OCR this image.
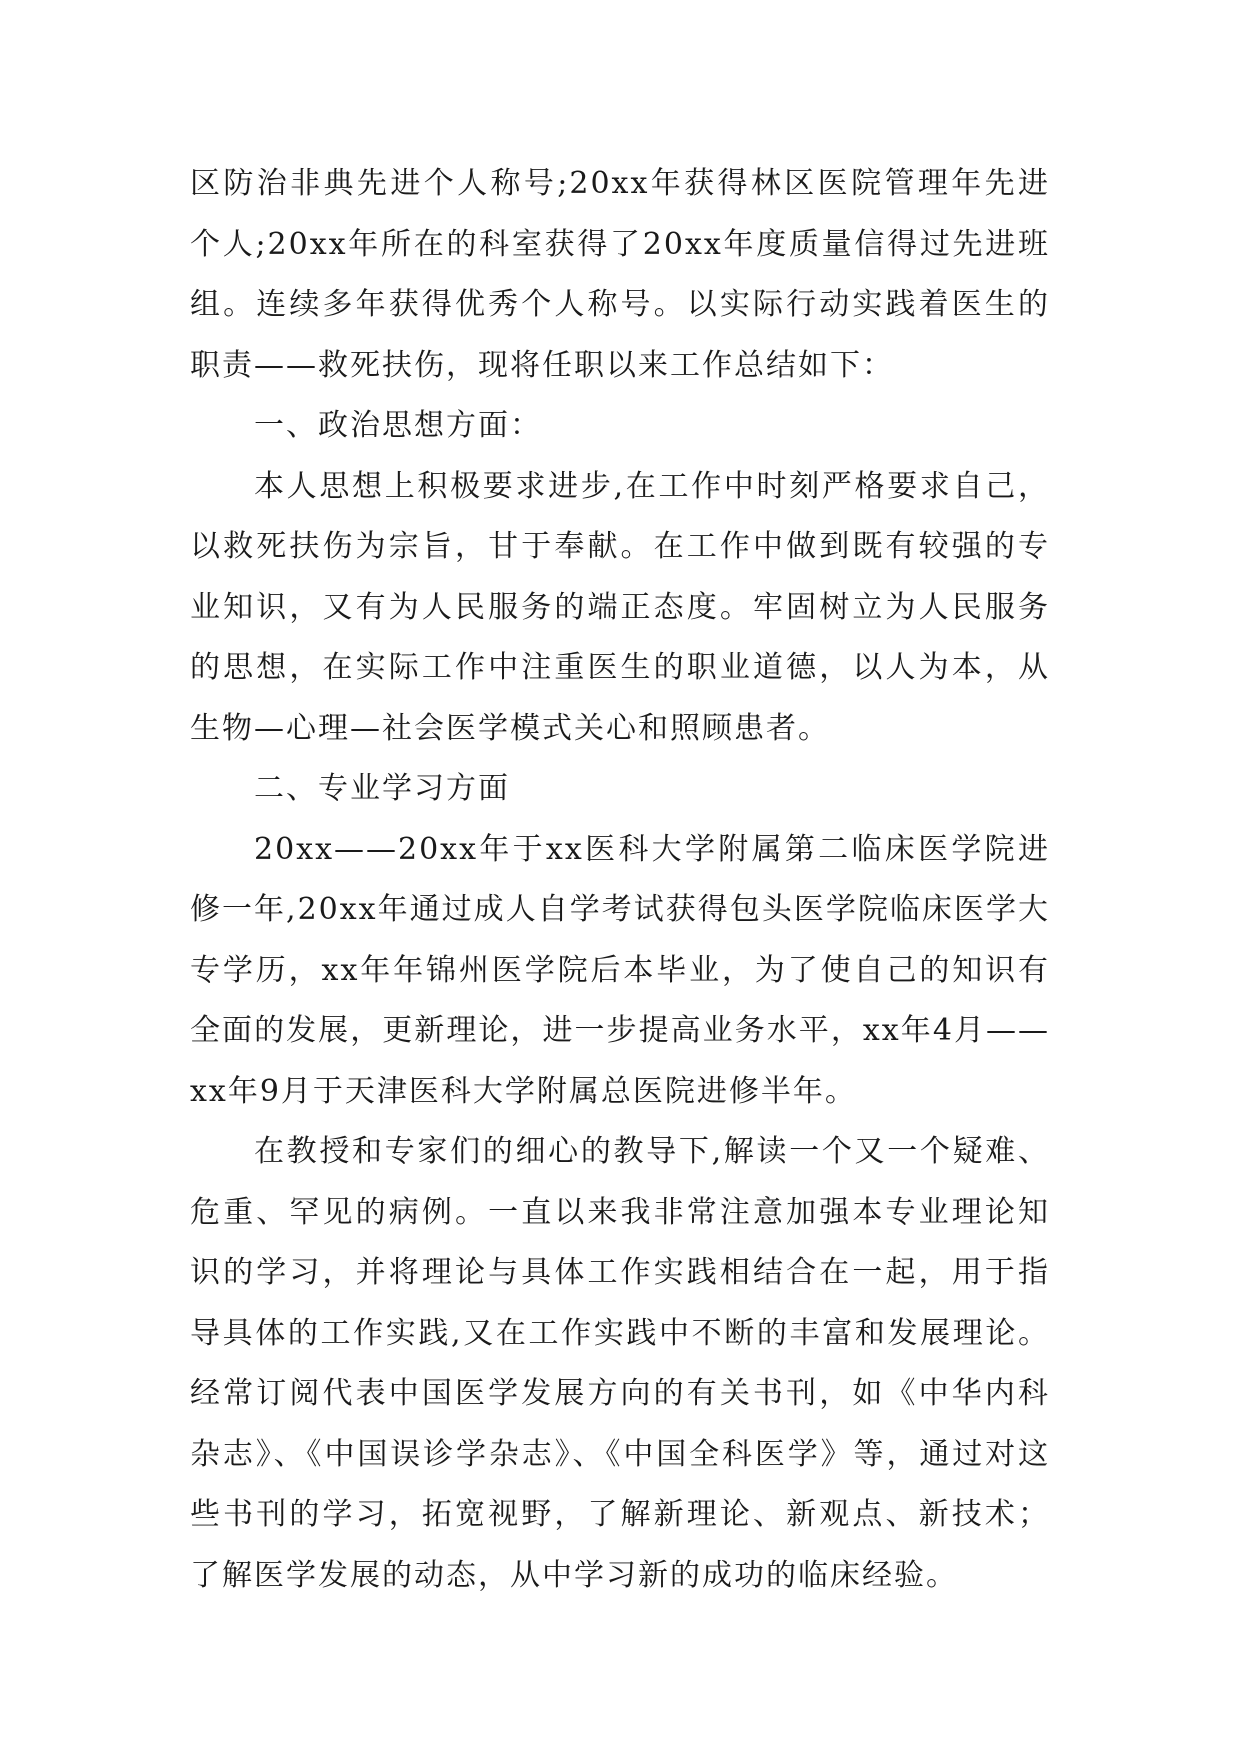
区防治非典先进个人称号;20xx年获得林区医院管理年先进个人;20xx年所在的科室获得了20xx年度质量信得过先进班组。连续多年获得优秀个人称号。以实际行动实践着医生的职责——救死扶伤，现将任职以来工作总结如下：

一、政治思想方面：

本人思想上积极要求进步,在工作中时刻严格要求自己，以救死扶伤为宗旨，甘于奉献。在工作中做到既有较强的专业知识，又有为人民服务的端正态度。牢固树立为人民服务的思想，在实际工作中注重医生的职业道德，以人为本，从生物—心理—社会医学模式关心和照顾患者。

二、专业学习方面

20xx——20xx年于xx医科大学附属第二临床医学院进修一年,20xx年通过成人自学考试获得包头医学院临床医学大专学历，xx年年锦州医学院后本毕业，为了使自己的知识有全面的发展，更新理论，进一步提高业务水平，xx年4月——xx年9月于天津医科大学附属总医院进修半年。

在教授和专家们的细心的教导下,解读一个又一个疑难、危重、罕见的病例。一直以来我非常注意加强本专业理论知识的学习，并将理论与具体工作实践相结合在一起，用于指导具体的工作实践,又在工作实践中不断的丰富和发展理论。经常订阅代表中国医学发展方向的有关书刊，如《中华内科杂志》、《中国误诊学杂志》、《中国全科医学》等，通过对这些书刊的学习，拓宽视野，了解新理论、新观点、新技术；了解医学发展的动态，从中学习新的成功的临床经验。
